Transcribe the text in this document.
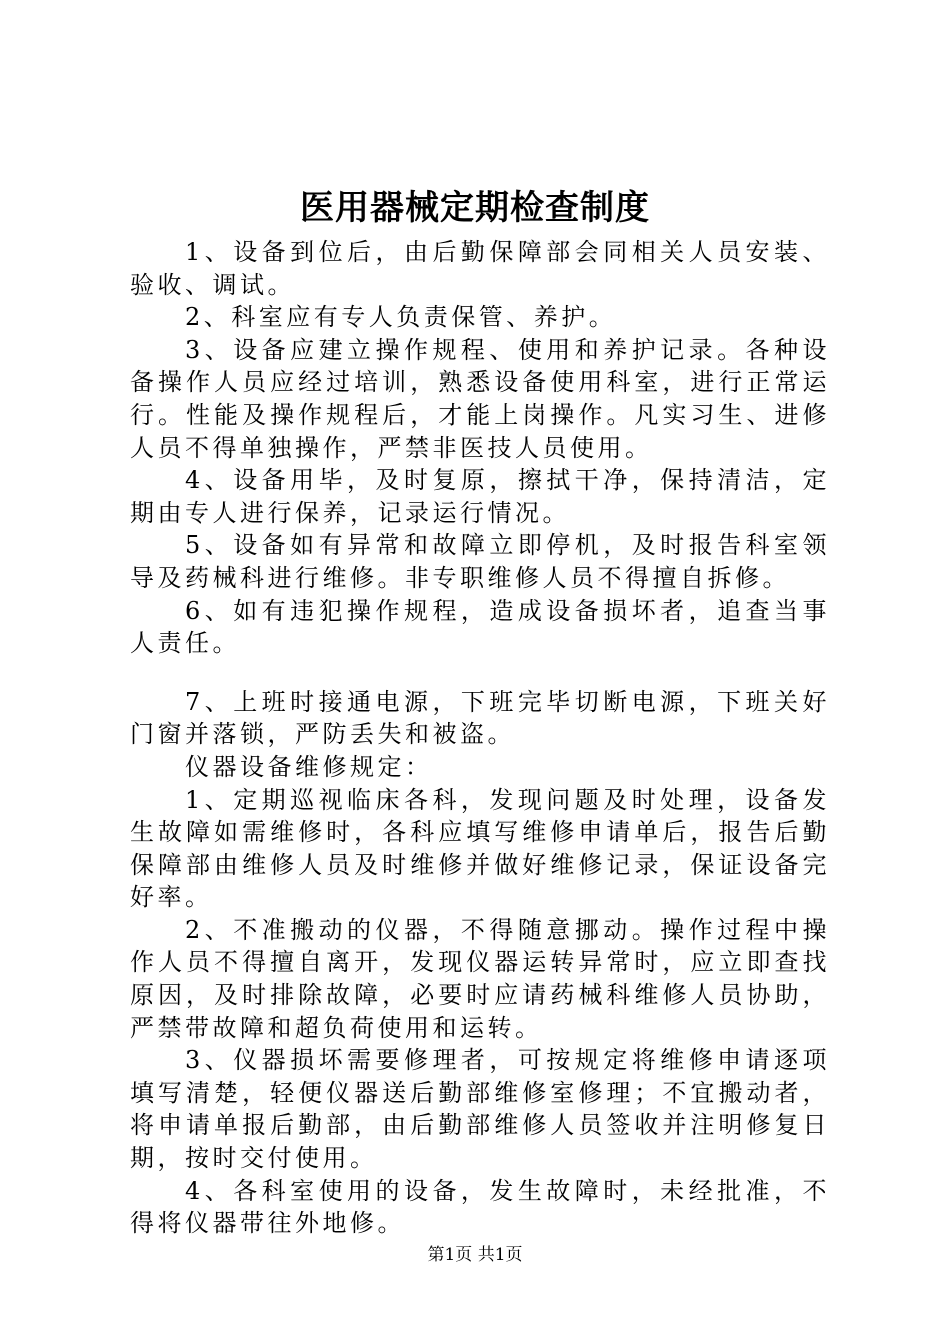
医用器械定期检查制度

1、设备到位后，由后勤保障部会同相关人员安装、验收、调试。

2、科室应有专人负责保管、养护。

3、设备应建立操作规程、使用和养护记录。各种设备操作人员应经过培训，熟悉设备使用科室，进行正常运行。性能及操作规程后，才能上岗操作。凡实习生、进修人员不得单独操作，严禁非医技人员使用。

4、设备用毕，及时复原，擦拭干净，保持清洁，定期由专人进行保养，记录运行情况。

5、设备如有异常和故障立即停机，及时报告科室领导及药械科进行维修。非专职维修人员不得擅自拆修。

6、如有违犯操作规程，造成设备损坏者，追查当事人责任。

7、上班时接通电源，下班完毕切断电源，下班关好门窗并落锁，严防丢失和被盗。

仪器设备维修规定：

1、定期巡视临床各科，发现问题及时处理，设备发生故障如需维修时，各科应填写维修申请单后，报告后勤保障部由维修人员及时维修并做好维修记录，保证设备完好率。

2、不准搬动的仪器，不得随意挪动。操作过程中操作人员不得擅自离开，发现仪器运转异常时，应立即查找原因，及时排除故障，必要时应请药械科维修人员协助，严禁带故障和超负荷使用和运转。

3、仪器损坏需要修理者，可按规定将维修申请逐项填写清楚，轻便仪器送后勤部维修室修理；不宜搬动者，将申请单报后勤部，由后勤部维修人员签收并注明修复日期，按时交付使用。

4、各科室使用的设备，发生故障时，未经批准，不得将仪器带往外地修。

第1页 共1页
